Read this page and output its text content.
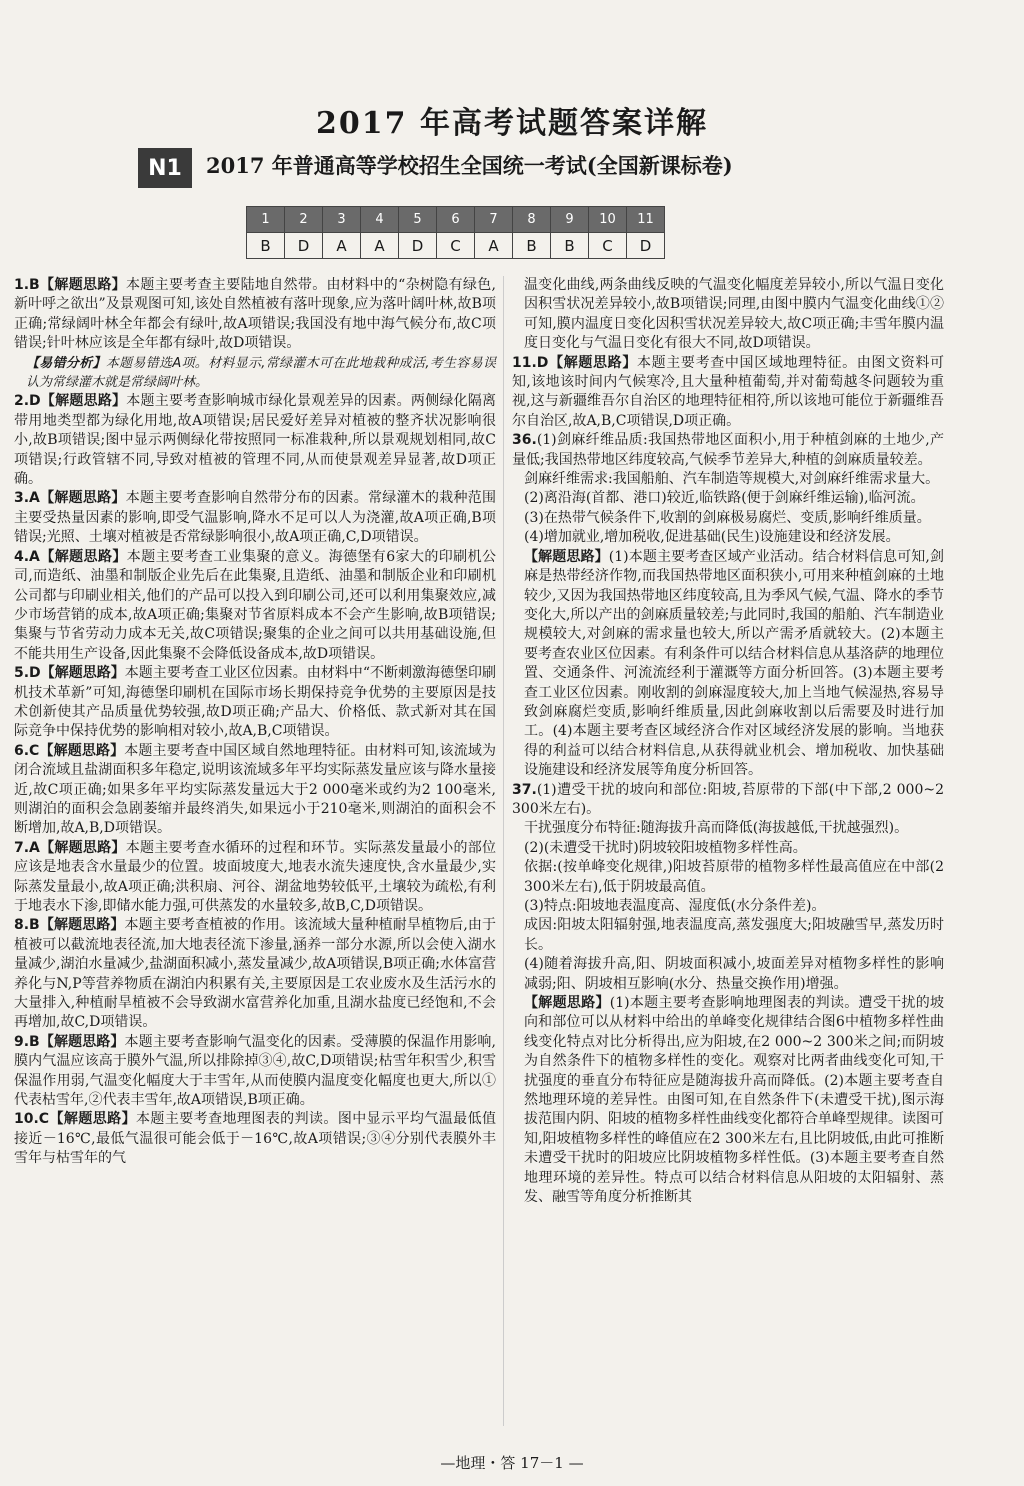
2017 年高考试题答案详解
N1	2017 年普通高等学校招生全国统一考试(全国新课标卷)
1	2	3	4	5	6	7	8	9	10	11
B	D	A	A	D	C	A	B	B	C	D

1.B【解题思路】本题主要考查主要陆地自然带。由材料中的“杂树隐有绿色,新叶呼之欲出”及景观图可知,该处自然植被有落叶现象,应为落叶阔叶林,故B项正确;常绿阔叶林全年都会有绿叶,故A项错误;我国没有地中海气候分布,故C项错误;针叶林应该是全年都有绿叶,故D项错误。

【易错分析】本题易错选A项。材料显示,常绿灌木可在此地栽种成活,考生容易误认为常绿灌木就是常绿阔叶林。

2.D【解题思路】本题主要考查影响城市绿化景观差异的因素。两侧绿化隔离带用地类型都为绿化用地,故A项错误;居民爱好差异对植被的整齐状况影响很小,故B项错误;图中显示两侧绿化带按照同一标准栽种,所以景观规划相同,故C项错误;行政管辖不同,导致对植被的管理不同,从而使景观差异显著,故D项正确。

3.A【解题思路】本题主要考查影响自然带分布的因素。常绿灌木的栽种范围主要受热量因素的影响,即受气温影响,降水不足可以人为浇灌,故A项正确,B项错误;光照、土壤对植被是否常绿影响很小,故A项正确,C,D项错误。

4.A【解题思路】本题主要考查工业集聚的意义。海德堡有6家大的印刷机公司,而造纸、油墨和制版企业先后在此集聚,且造纸、油墨和制版企业和印刷机公司都与印刷业相关,他们的产品可以投入到印刷公司,还可以利用集聚效应,减少市场营销的成本,故A项正确;集聚对节省原料成本不会产生影响,故B项错误;集聚与节省劳动力成本无关,故C项错误;聚集的企业之间可以共用基础设施,但不能共用生产设备,因此集聚不会降低设备成本,故D项错误。

5.D【解题思路】本题主要考查工业区位因素。由材料中“不断刺激海德堡印刷机技术革新”可知,海德堡印刷机在国际市场长期保持竞争优势的主要原因是技术创新使其产品质量优势较强,故D项正确;产品大、价格低、款式新对其在国际竞争中保持优势的影响相对较小,故A,B,C项错误。

6.C【解题思路】本题主要考查中国区域自然地理特征。由材料可知,该流域为闭合流域且盐湖面积多年稳定,说明该流域多年平均实际蒸发量应该与降水量接近,故C项正确;如果多年平均实际蒸发量远大于2 000毫米或约为2 100毫米,则湖泊的面积会急剧萎缩并最终消失,如果远小于210毫米,则湖泊的面积会不断增加,故A,B,D项错误。

7.A【解题思路】本题主要考查水循环的过程和环节。实际蒸发量最小的部位应该是地表含水量最少的位置。坡面坡度大,地表水流失速度快,含水量最少,实际蒸发量最小,故A项正确;洪积扇、河谷、湖盆地势较低平,土壤较为疏松,有利于地表水下渗,即储水能力强,可供蒸发的水量较多,故B,C,D项错误。

8.B【解题思路】本题主要考查植被的作用。该流域大量种植耐旱植物后,由于植被可以截流地表径流,加大地表径流下渗量,涵养一部分水源,所以会使入湖水量减少,湖泊水量减少,盐湖面积减小,蒸发量减少,故A项错误,B项正确;水体富营养化与N,P等营养物质在湖泊内积累有关,主要原因是工农业废水及生活污水的大量排入,种植耐旱植被不会导致湖水富营养化加重,且湖水盐度已经饱和,不会再增加,故C,D项错误。

9.B【解题思路】本题主要考查影响气温变化的因素。受薄膜的保温作用影响,膜内气温应该高于膜外气温,所以排除掉③④,故C,D项错误;枯雪年积雪少,积雪保温作用弱,气温变化幅度大于丰雪年,从而使膜内温度变化幅度也更大,所以①代表枯雪年,②代表丰雪年,故A项错误,B项正确。

10.C【解题思路】本题主要考查地理图表的判读。图中显示平均气温最低值接近－16℃,最低气温很可能会低于－16℃,故A项错误;③④分别代表膜外丰雪年与枯雪年的气

温变化曲线,两条曲线反映的气温变化幅度差异较小,所以气温日变化因积雪状况差异较小,故B项错误;同理,由图中膜内气温变化曲线①②可知,膜内温度日变化因积雪状况差异较大,故C项正确;丰雪年膜内温度日变化与气温日变化有很大不同,故D项错误。

11.D【解题思路】本题主要考查中国区域地理特征。由图文资料可知,该地该时间内气候寒冷,且大量种植葡萄,并对葡萄越冬问题较为重视,这与新疆维吾尔自治区的地理特征相符,所以该地可能位于新疆维吾尔自治区,故A,B,C项错误,D项正确。

36.(1)剑麻纤维品质:我国热带地区面积小,用于种植剑麻的土地少,产量低;我国热带地区纬度较高,气候季节差异大,种植的剑麻质量较差。

剑麻纤维需求:我国船舶、汽车制造等规模大,对剑麻纤维需求量大。

(2)离沿海(首都、港口)较近,临铁路(便于剑麻纤维运输),临河流。

(3)在热带气候条件下,收割的剑麻极易腐烂、变质,影响纤维质量。

(4)增加就业,增加税收,促进基础(民生)设施建设和经济发展。

【解题思路】(1)本题主要考查区域产业活动。结合材料信息可知,剑麻是热带经济作物,而我国热带地区面积狭小,可用来种植剑麻的土地较少,又因为我国热带地区纬度较高,且为季风气候,气温、降水的季节变化大,所以产出的剑麻质量较差;与此同时,我国的船舶、汽车制造业规模较大,对剑麻的需求量也较大,所以产需矛盾就较大。(2)本题主要考查农业区位因素。有利条件可以结合材料信息从基洛萨的地理位置、交通条件、河流流经利于灌溉等方面分析回答。(3)本题主要考查工业区位因素。刚收割的剑麻湿度较大,加上当地气候湿热,容易导致剑麻腐烂变质,影响纤维质量,因此剑麻收割以后需要及时进行加工。(4)本题主要考查区域经济合作对区域经济发展的影响。当地获得的利益可以结合材料信息,从获得就业机会、增加税收、加快基础设施建设和经济发展等角度分析回答。

37.(1)遭受干扰的坡向和部位:阳坡,苔原带的下部(中下部,2 000~2 300米左右)。

干扰强度分布特征:随海拔升高而降低(海拔越低,干扰越强烈)。

(2)(未遭受干扰时)阴坡较阳坡植物多样性高。

依据:(按单峰变化规律,)阳坡苔原带的植物多样性最高值应在中部(2 300米左右),低于阴坡最高值。

(3)特点:阳坡地表温度高、湿度低(水分条件差)。

成因:阳坡太阳辐射强,地表温度高,蒸发强度大;阳坡融雪早,蒸发历时长。

(4)随着海拔升高,阳、阴坡面积减小,坡面差异对植物多样性的影响减弱;阳、阴坡相互影响(水分、热量交换作用)增强。

【解题思路】(1)本题主要考查影响地理图表的判读。遭受干扰的坡向和部位可以从材料中给出的单峰变化规律结合图6中植物多样性曲线变化特点对比分析得出,应为阳坡,在2 000~2 300米之间;而阴坡为自然条件下的植物多样性的变化。观察对比两者曲线变化可知,干扰强度的垂直分布特征应是随海拔升高而降低。(2)本题主要考查自然地理环境的差异性。由图可知,在自然条件下(未遭受干扰),图示海拔范围内阴、阳坡的植物多样性曲线变化都符合单峰型规律。读图可知,阳坡植物多样性的峰值应在2 300米左右,且比阴坡低,由此可推断未遭受干扰时的阳坡应比阴坡植物多样性低。(3)本题主要考查自然地理环境的差异性。特点可以结合材料信息从阳坡的太阳辐射、蒸发、融雪等角度分析推断其

—地理・答 17－1 —
